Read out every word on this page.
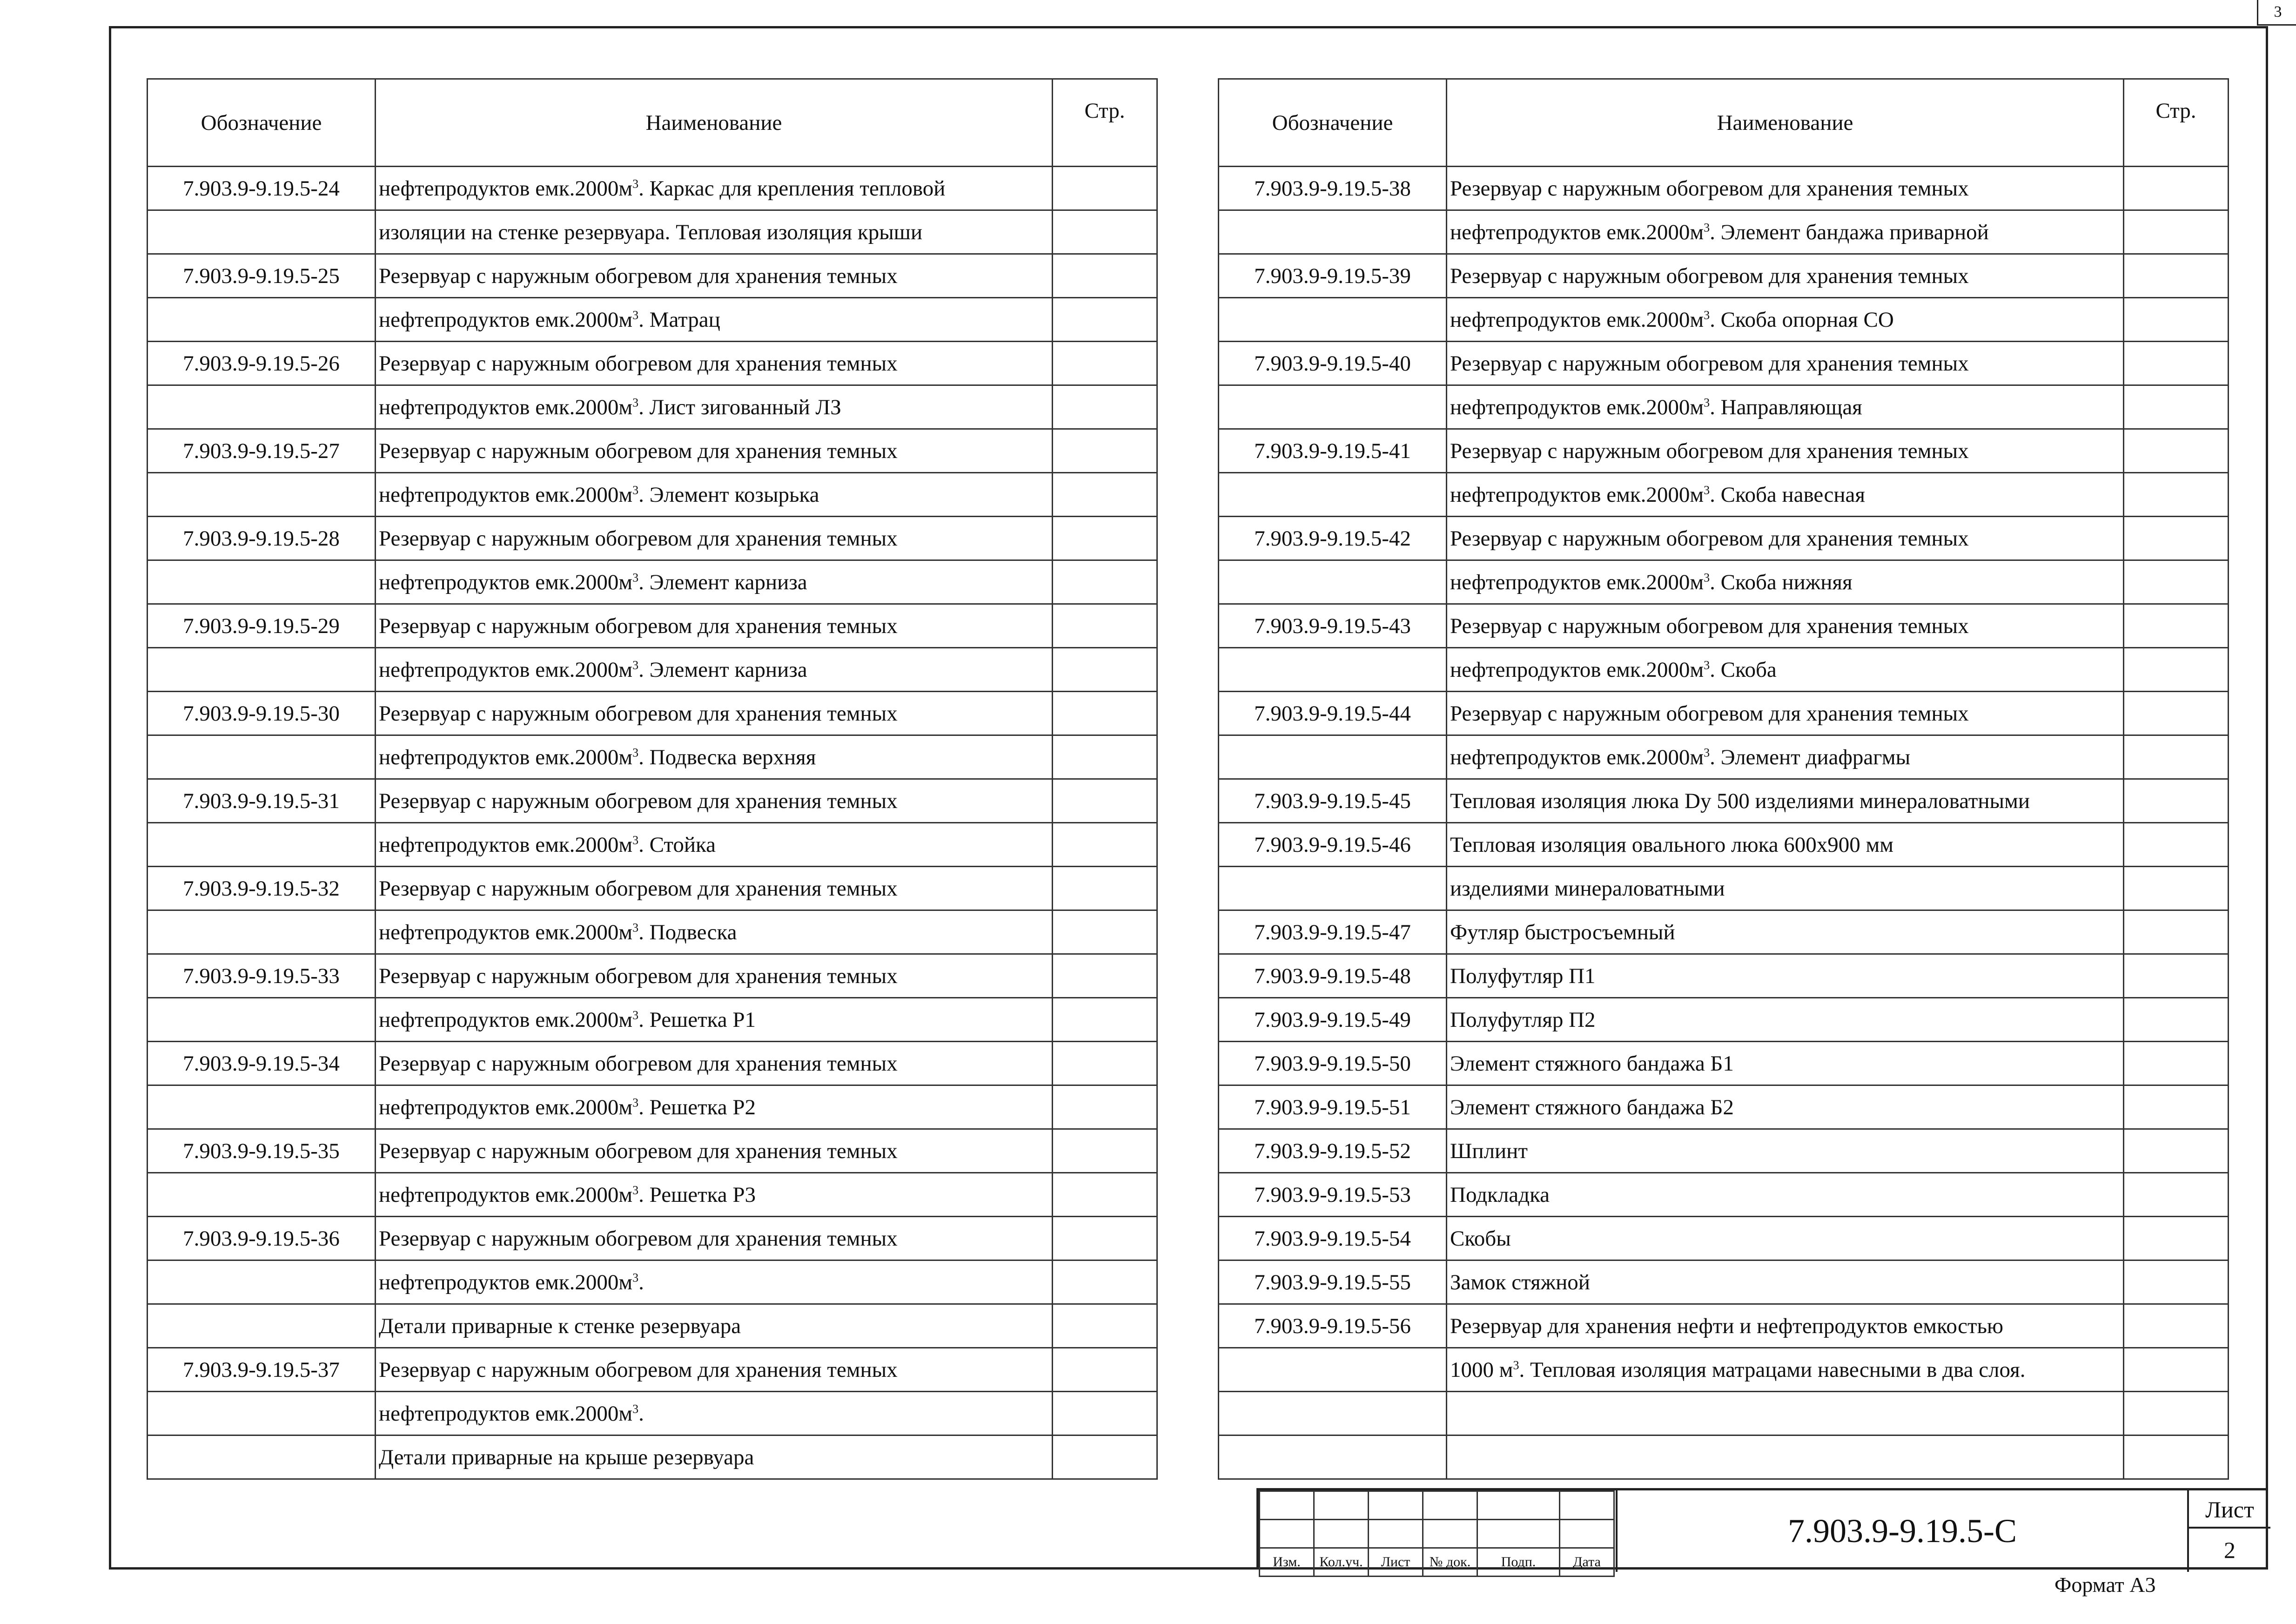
3
Обозначение	Наименование	Стр.
7.903.9-9.19.5-24	нефтепродуктов $емк.2000м^3$. Каркас для крепления тепловой	
	изоляции на стенке резервуара. Тепловая изоляция крыши	
7.903.9-9.19.5-25	Резервуар с наружным обогревом для хранения темных	
	нефтепродуктов $емк.2000м^3$. Матрац	
7.903.9-9.19.5-26	Резервуар с наружным обогревом для хранения темных	
	нефтепродуктов $емк.2000м^3$. Лист зигованный ЛЗ	
7.903.9-9.19.5-27	Резервуар с наружным обогревом для хранения темных	
	нефтепродуктов $емк.2000м^3$. Элемент козырька	
7.903.9-9.19.5-28	Резервуар с наружным обогревом для хранения темных	
	нефтепродуктов $емк.2000м^3$. Элемент карниза	
7.903.9-9.19.5-29	Резервуар с наружным обогревом для хранения темных	
	нефтепродуктов $емк.2000м^3$. Элемент карниза	
7.903.9-9.19.5-30	Резервуар с наружным обогревом для хранения темных	
	нефтепродуктов $емк.2000м^3$. Подвеска верхняя	
7.903.9-9.19.5-31	Резервуар с наружным обогревом для хранения темных	
	нефтепродуктов $емк.2000м^3$. Стойка	
7.903.9-9.19.5-32	Резервуар с наружным обогревом для хранения темных	
	нефтепродуктов $емк.2000м^3$. Подвеска	
7.903.9-9.19.5-33	Резервуар с наружным обогревом для хранения темных	
	нефтепродуктов $емк.2000м^3$. Решетка Р1	
7.903.9-9.19.5-34	Резервуар с наружным обогревом для хранения темных	
	нефтепродуктов $емк.2000м^3$. Решетка Р2	
7.903.9-9.19.5-35	Резервуар с наружным обогревом для хранения темных	
	нефтепродуктов $емк.2000м^3$. Решетка Р3	
7.903.9-9.19.5-36	Резервуар с наружным обогревом для хранения темных	
	нефтепродуктов $емк.2000м^3$.	
	Детали приварные к стенке резервуара	
7.903.9-9.19.5-37	Резервуар с наружным обогревом для хранения темных	
	нефтепродуктов $емк.2000м^3$.	
	Детали приварные на крыше резервуара	
Обозначение	Наименование	Стр.
7.903.9-9.19.5-38	Резервуар с наружным обогревом для хранения темных	
	нефтепродуктов $емк.2000м^3$. Элемент бандажа приварной	
7.903.9-9.19.5-39	Резервуар с наружным обогревом для хранения темных	
	нефтепродуктов $емк.2000м^3$. Скоба опорная СО	
7.903.9-9.19.5-40	Резервуар с наружным обогревом для хранения темных	
	нефтепродуктов $емк.2000м^3$. Направляющая	
7.903.9-9.19.5-41	Резервуар с наружным обогревом для хранения темных	
	нефтепродуктов $емк.2000м^3$. Скоба навесная	
7.903.9-9.19.5-42	Резервуар с наружным обогревом для хранения темных	
	нефтепродуктов $емк.2000м^3$. Скоба нижняя	
7.903.9-9.19.5-43	Резервуар с наружным обогревом для хранения темных	
	нефтепродуктов $емк.2000м^3$. Скоба	
7.903.9-9.19.5-44	Резервуар с наружным обогревом для хранения темных	
	нефтепродуктов $емк.2000м^3$. Элемент диафрагмы	
7.903.9-9.19.5-45	Тепловая изоляция люка Dy 500 изделиями минераловатными	
7.903.9-9.19.5-46	Тепловая изоляция овального люка 600х900 мм	
	изделиями минераловатными	
7.903.9-9.19.5-47	Футляр быстросъемный	
7.903.9-9.19.5-48	Полуфутляр П1	
7.903.9-9.19.5-49	Полуфутляр П2	
7.903.9-9.19.5-50	Элемент стяжного бандажа Б1	
7.903.9-9.19.5-51	Элемент стяжного бандажа Б2	
7.903.9-9.19.5-52	Шплинт	
7.903.9-9.19.5-53	Подкладка	
7.903.9-9.19.5-54	Скобы	
7.903.9-9.19.5-55	Замок стяжной	
7.903.9-9.19.5-56	Резервуар для хранения нефти и нефтепродуктов емкостью	
	1000 $м^3$. Тепловая изоляция матрацами навесными в два слоя.	

Изм.	Кол.уч.	Лист	№ док.	Подп.	Дата
7.903.9-9.19.5-С
Лист
2
Формат А3
